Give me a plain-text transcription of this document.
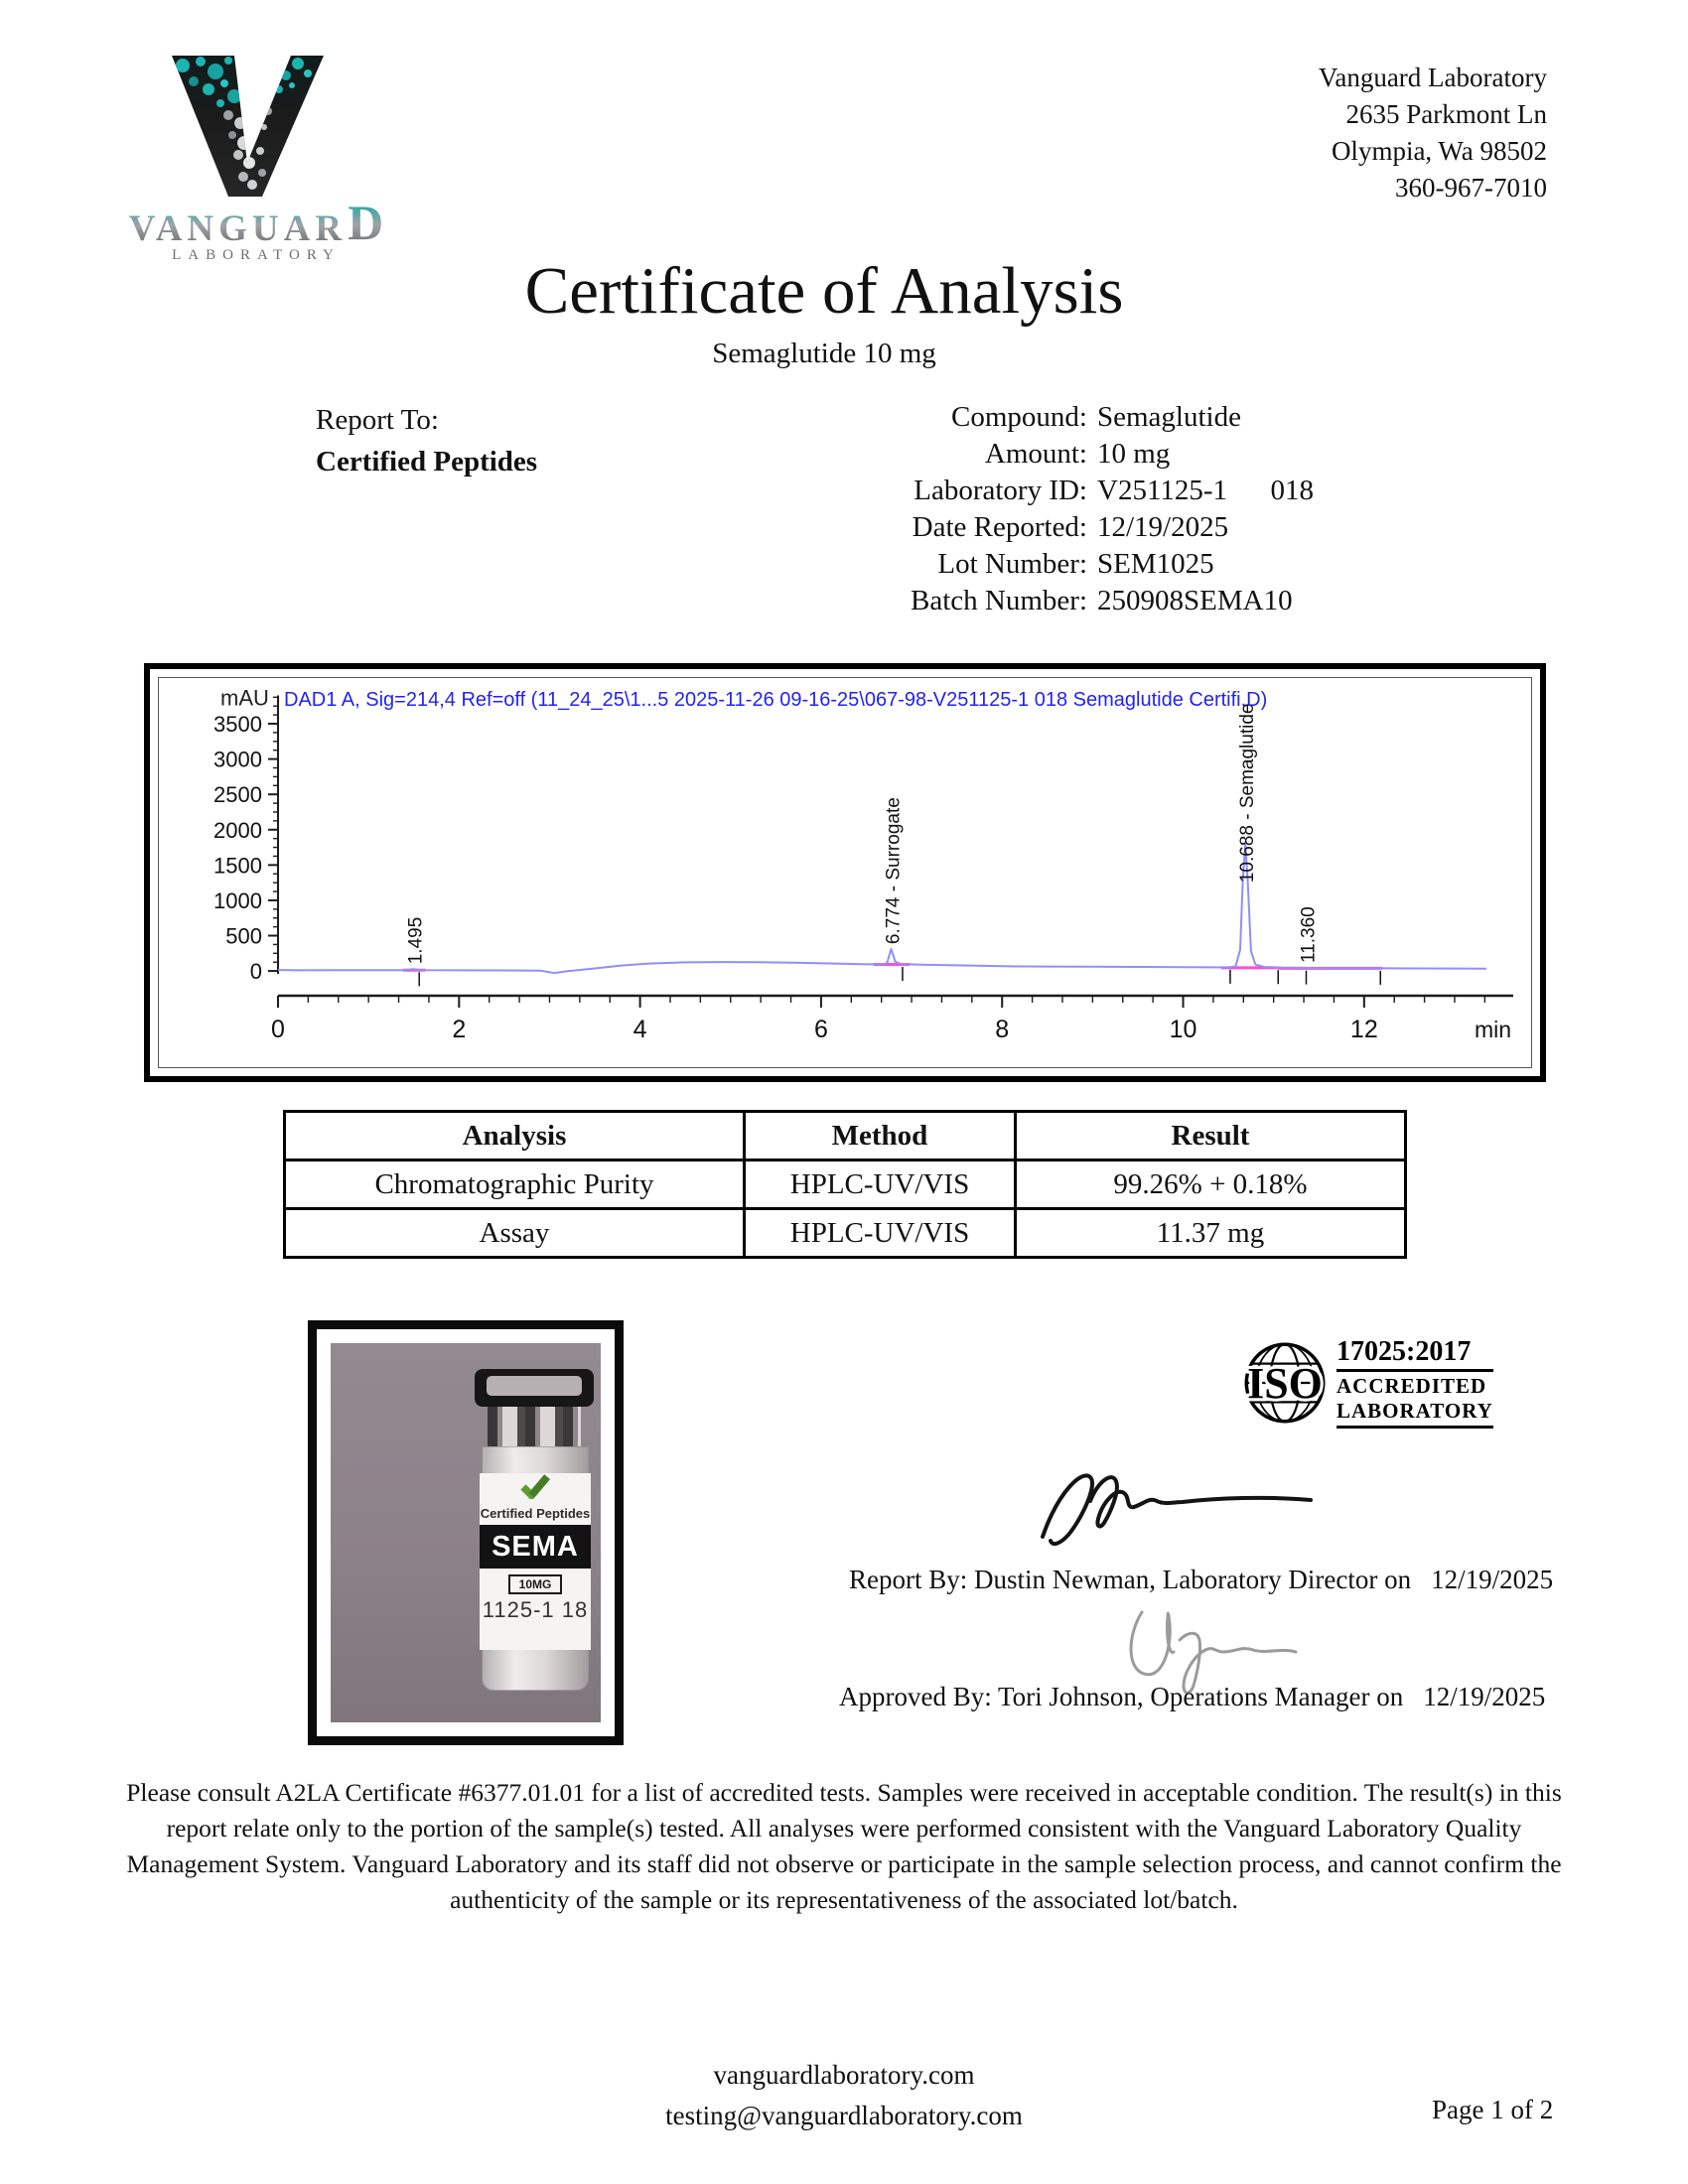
VANGUAR D
LABORATORY
Vanguard Laboratory
2635 Parkmont Ln
Olympia, Wa 98502
360-967-7010
Certificate of Analysis
Semaglutide 10 mg
Report To:
Certified Peptides
Compound: Semaglutide
Amount: 10 mg
Laboratory ID: V251125-1      018
Date Reported: 12/19/2025
Lot Number: SEM1025
Batch Number: 250908SEMA10
DAD1 A, Sig=214,4 Ref=off (11_24_25\1...5 2025-11-26 09-16-25\067-98-V251125-1 018 Semaglutide Certifi.D)
0
500
1000
1500
2000
2500
3000
3500
mAU
0	2	4	6	8	10	12	min
1.495	6.774 - Surrogate	10.688 - Semaglutide
11.360
Analysis	Method	Result
Chromatographic Purity	HPLC-UV/VIS	99.26% + 0.18%
Assay	HPLC-UV/VIS	11.37 mg
Certified Peptides
SEMA
10MG
1125-1 18
ISO
17025:2017
ACCREDITED
LABORATORY
Report By: Dustin Newman, Laboratory Director on 12/19/2025
Approved By: Tori Johnson, Operations Manager on 12/19/2025
Please consult A2LA Certificate #6377.01.01 for a list of accredited tests. Samples were received in acceptable condition. The result(s) in this report relate only to the portion of the sample(s) tested. All analyses were performed consistent with the Vanguard Laboratory Quality Management System. Vanguard Laboratory and its staff did not observe or participate in the sample selection process, and cannot confirm the authenticity of the sample or its representativeness of the associated lot/batch.
vanguardlaboratory.com
testing@vanguardlaboratory.com	Page 1 of 2
